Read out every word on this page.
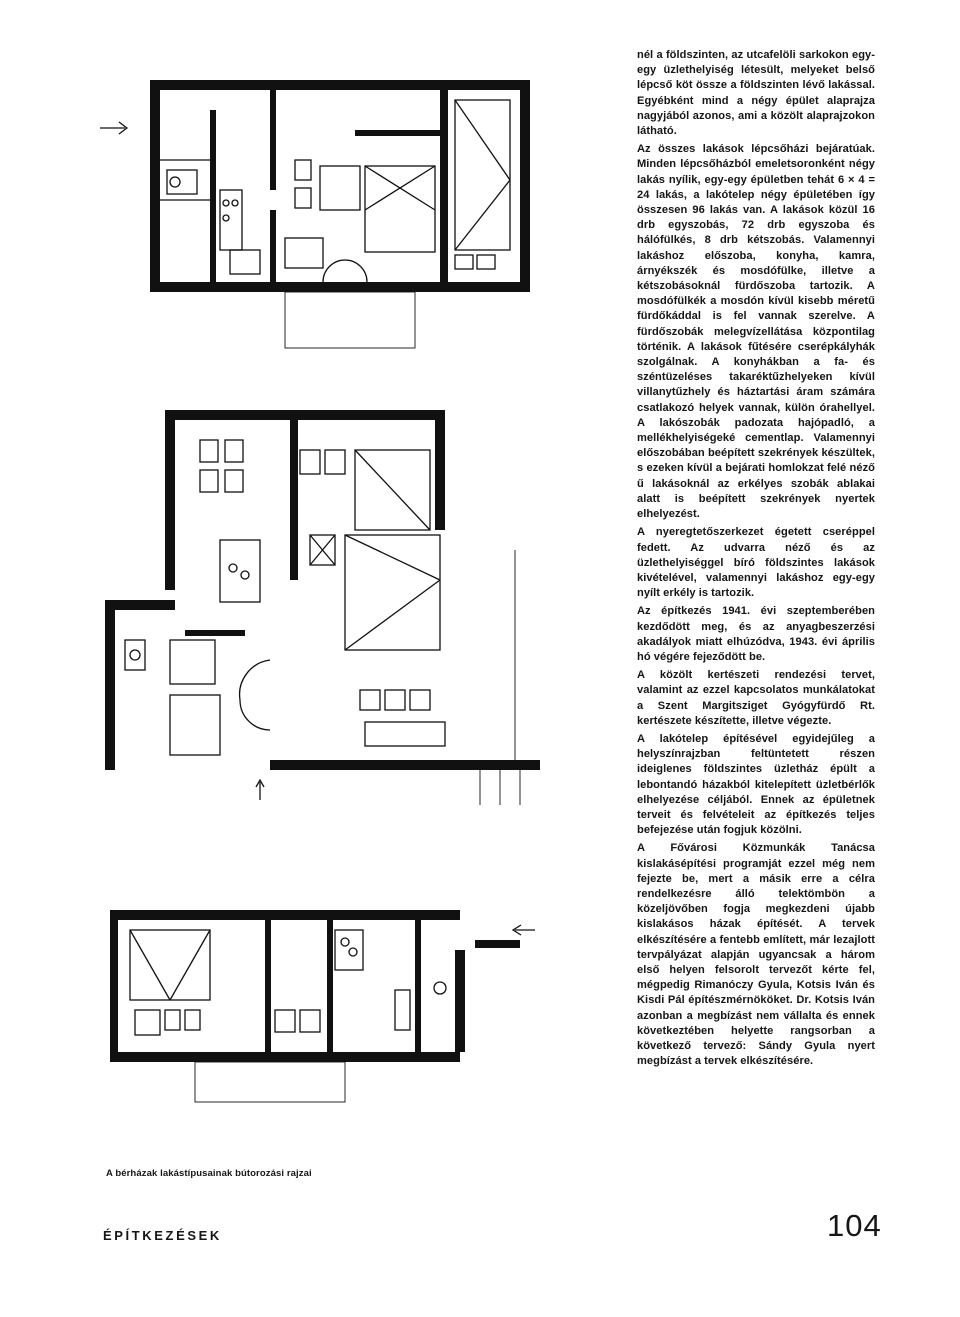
A bérházak lakástípusainak bútorozási rajzai

nél a földszinten, az utcafelöli sarkokon egy-egy üzlethelyiség létesült, melyeket belső lépcső köt össze a földszinten lévő lakással. Egyébként mind a négy épület alaprajza nagyjából azonos, ami a közölt alaprajzokon látható.

Az összes lakások lépcsőházi bejáratúak. Minden lépcsőházból emeletsoronként négy lakás nyílik, egy-egy épületben tehát 6 × 4 = 24 lakás, a lakótelep négy épületében így összesen 96 lakás van. A lakások közül 16 drb egyszobás, 72 drb egyszoba és hálófülkés, 8 drb kétszobás. Valamennyi lakáshoz előszoba, konyha, kamra, árnyékszék és mosdófülke, illetve a kétszobásoknál fürdőszoba tartozik. A mosdófülkék a mosdón kívül kisebb méretű fürdőkáddal is fel vannak szerelve. A fürdőszobák melegvízellátása központilag történik. A lakások fűtésére cserépkályhák szolgálnak. A konyhákban a fa- és széntüzeléses takaréktűzhelyeken kívül villanytűzhely és háztartási áram számára csatlakozó helyek vannak, külön órahellyel. A lakószobák padozata hajópadló, a mellékhelyiségeké cementlap. Valamennyi előszobában beépített szekrények készültek, s ezeken kívül a bejárati homlokzat felé néző ű lakásoknál az erkélyes szobák ablakai alatt is beépített szekrények nyertek elhelyezést.

A nyeregtetőszerkezet égetett cseréppel fedett. Az udvarra néző és az üzlethelyiséggel bíró földszintes lakások kivételével, valamennyi lakáshoz egy-egy nyílt erkély is tartozik.

Az építkezés 1941. évi szeptemberében kezdődött meg, és az anyagbeszerzési akadályok miatt elhúzódva, 1943. évi április hó végére fejeződött be.

A közölt kertészeti rendezési tervet, valamint az ezzel kapcsolatos munkálatokat a Szent Margitsziget Gyógyfürdő Rt. kertészete készítette, illetve végezte.

A lakótelep építésével egyidejűleg a helyszínrajzban feltüntetett részen ideiglenes földszintes üzletház épült a lebontandó házakból kitelepített üzletbérlők elhelyezése céljából. Ennek az épületnek terveit és felvételeit az építkezés teljes befejezése után fogjuk közölni.

A Fővárosi Közmunkák Tanácsa kislakásépítési programját ezzel még nem fejezte be, mert a másik erre a célra rendelkezésre álló telektömbön a közeljövőben fogja megkezdeni újabb kislakásos házak építését. A tervek elkészítésére a fentebb említett, már lezajlott tervpályázat alapján ugyancsak a három első helyen felsorolt tervezőt kérte fel, mégpedig Rimanóczy Gyula, Kotsis Iván és Kisdi Pál építészmérnököket. Dr. Kotsis Iván azonban a megbízást nem vállalta és ennek következtében helyette rangsorban a következő tervező: Sándy Gyula nyert megbízást a tervek elkészítésére.

ÉPÍTKEZÉSEK	104
